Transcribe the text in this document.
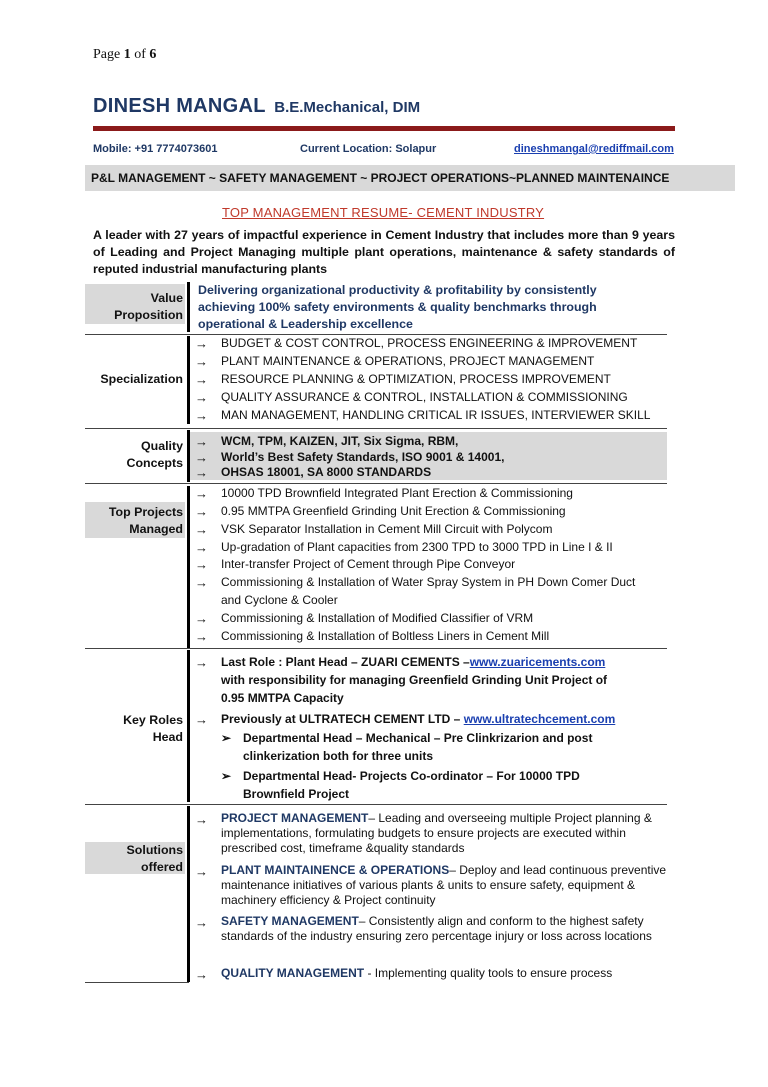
Page 1 of 6
DINESH MANGAL B.E.Mechanical, DIM
Mobile: +91 7774073601	Current Location: Solapur	dineshmangal@rediffmail.com
P&L MANAGEMENT ~ SAFETY MANAGEMENT ~ PROJECT OPERATIONS~PLANNED MAINTENAINCE
TOP MANAGEMENT RESUME- CEMENT INDUSTRY
A leader with 27 years of impactful experience in Cement Industry that includes more than 9 years of Leading and Project Managing multiple plant operations, maintenance & safety standards of reputed industrial manufacturing plants
Value
Proposition
Delivering organizational productivity & profitability by consistently achieving 100% safety environments & quality benchmarks through operational & Leadership excellence
Specialization
→ BUDGET & COST CONTROL, PROCESS ENGINEERING & IMPROVEMENT
→ PLANT MAINTENANCE & OPERATIONS, PROJECT MANAGEMENT
→ RESOURCE PLANNING & OPTIMIZATION, PROCESS IMPROVEMENT
→ QUALITY ASSURANCE & CONTROL, INSTALLATION & COMMISSIONING
→ MAN MANAGEMENT, HANDLING CRITICAL IR ISSUES, INTERVIEWER SKILL
Quality
Concepts
→ WCM, TPM, KAIZEN, JIT, Six Sigma, RBM,
→ World’s Best Safety Standards, ISO 9001 & 14001,
→ OHSAS 18001, SA 8000 STANDARDS
Top Projects
Managed
→ 10000 TPD Brownfield Integrated Plant Erection & Commissioning
→ 0.95 MMTPA Greenfield Grinding Unit Erection & Commissioning
→ VSK Separator Installation in Cement Mill Circuit with Polycom
→ Up-gradation of Plant capacities from 2300 TPD to 3000 TPD in Line I & II
→ Inter-transfer Project of Cement through Pipe Conveyor
→ Commissioning & Installation of Water Spray System in PH Down Comer Duct
and Cyclone & Cooler
→ Commissioning & Installation of Modified Classifier of VRM
→ Commissioning & Installation of Boltless Liners in Cement Mill
Key Roles
Head
→ Last Role : Plant Head – ZUARI CEMENTS –www.zuaricements.com
with responsibility for managing Greenfield Grinding Unit Project of
0.95 MMTPA Capacity
→ Previously at ULTRATECH CEMENT LTD – www.ultratechcement.com
➢ Departmental Head – Mechanical – Pre Clinkrizarion and post
clinkerization both for three units
➢ Departmental Head- Projects Co-ordinator – For 10000 TPD
Brownfield Project
Solutions
offered
→ PROJECT MANAGEMENT– Leading and overseeing multiple Project planning & implementations, formulating budgets to ensure projects are executed within prescribed cost, timeframe &quality standards
→ PLANT MAINTAINENCE & OPERATIONS– Deploy and lead continuous preventive maintenance initiatives of various plants & units to ensure safety, equipment & machinery efficiency & Project continuity
→ SAFETY MANAGEMENT– Consistently align and conform to the highest safety standards of the industry ensuring zero percentage injury or loss across locations
→ QUALITY MANAGEMENT - Implementing quality tools to ensure process
